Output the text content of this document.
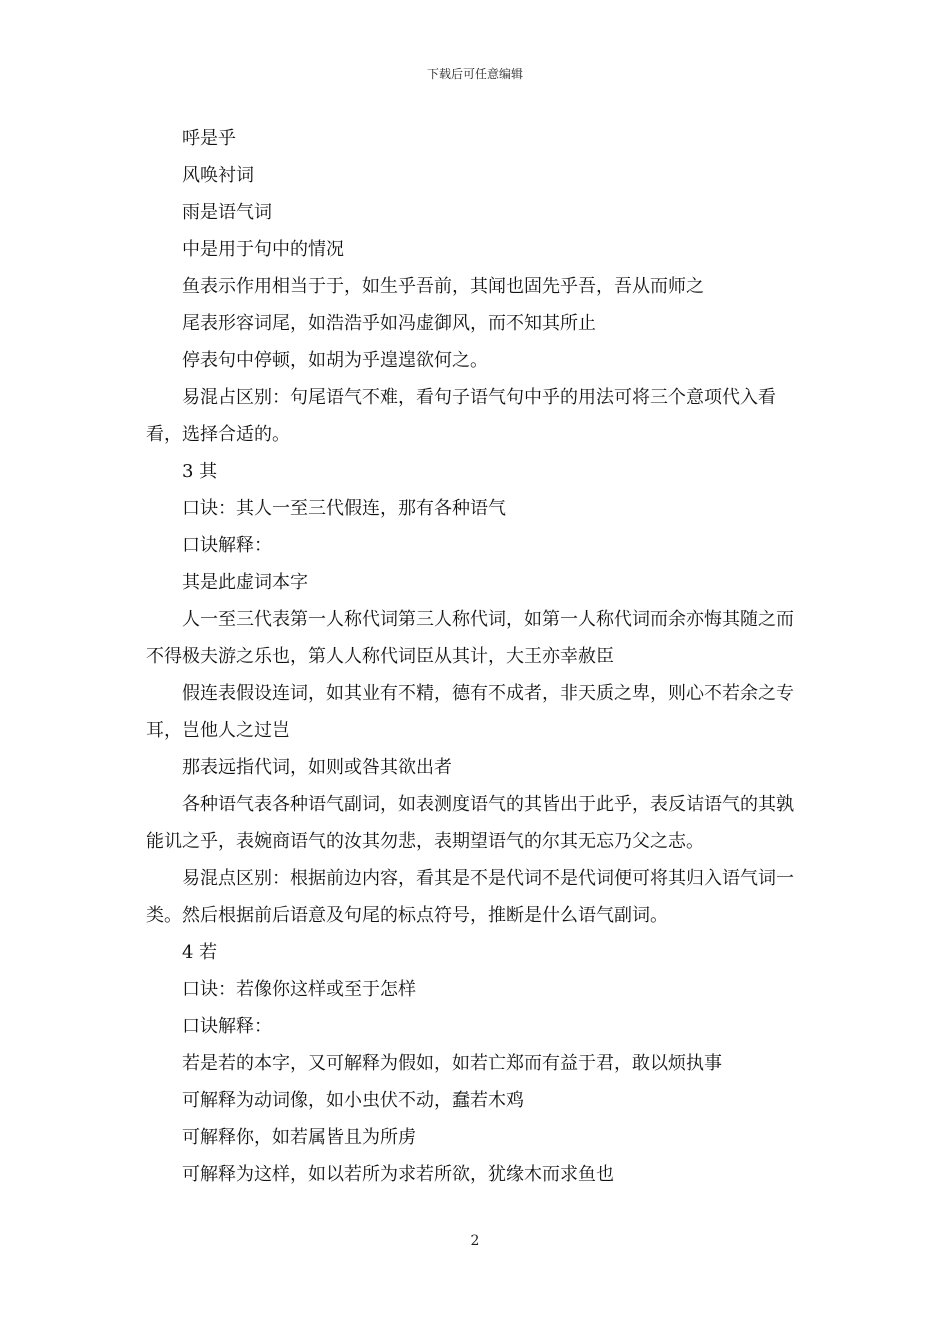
下载后可任意编辑

呼是乎

风唤衬词

雨是语气词

中是用于句中的情况

鱼表示作用相当于于，如生乎吾前，其闻也固先乎吾，吾从而师之

尾表形容词尾，如浩浩乎如冯虚御风，而不知其所止

停表句中停顿，如胡为乎遑遑欲何之。

易混占区别：句尾语气不难，看句子语气句中乎的用法可将三个意项代入看看，选择合适的。

3 其

口诀：其人一至三代假连，那有各种语气

口诀解释：

其是此虚词本字

人一至三代表第一人称代词第三人称代词，如第一人称代词而余亦悔其随之而不得极夫游之乐也，第人人称代词臣从其计，大王亦幸赦臣

假连表假设连词，如其业有不精，德有不成者，非天质之卑，则心不若余之专耳，岂他人之过岂

那表远指代词，如则或咎其欲出者

各种语气表各种语气副词，如表测度语气的其皆出于此乎，表反诘语气的其孰能讥之乎，表婉商语气的汝其勿悲，表期望语气的尔其无忘乃父之志。

易混点区别：根据前边内容，看其是不是代词不是代词便可将其归入语气词一类。然后根据前后语意及句尾的标点符号，推断是什么语气副词。

4 若

口诀：若像你这样或至于怎样

口诀解释：

若是若的本字，又可解释为假如，如若亡郑而有益于君，敢以烦执事

可解释为动词像，如小虫伏不动，蠢若木鸡

可解释你，如若属皆且为所虏

可解释为这样，如以若所为求若所欲，犹缘木而求鱼也

2
